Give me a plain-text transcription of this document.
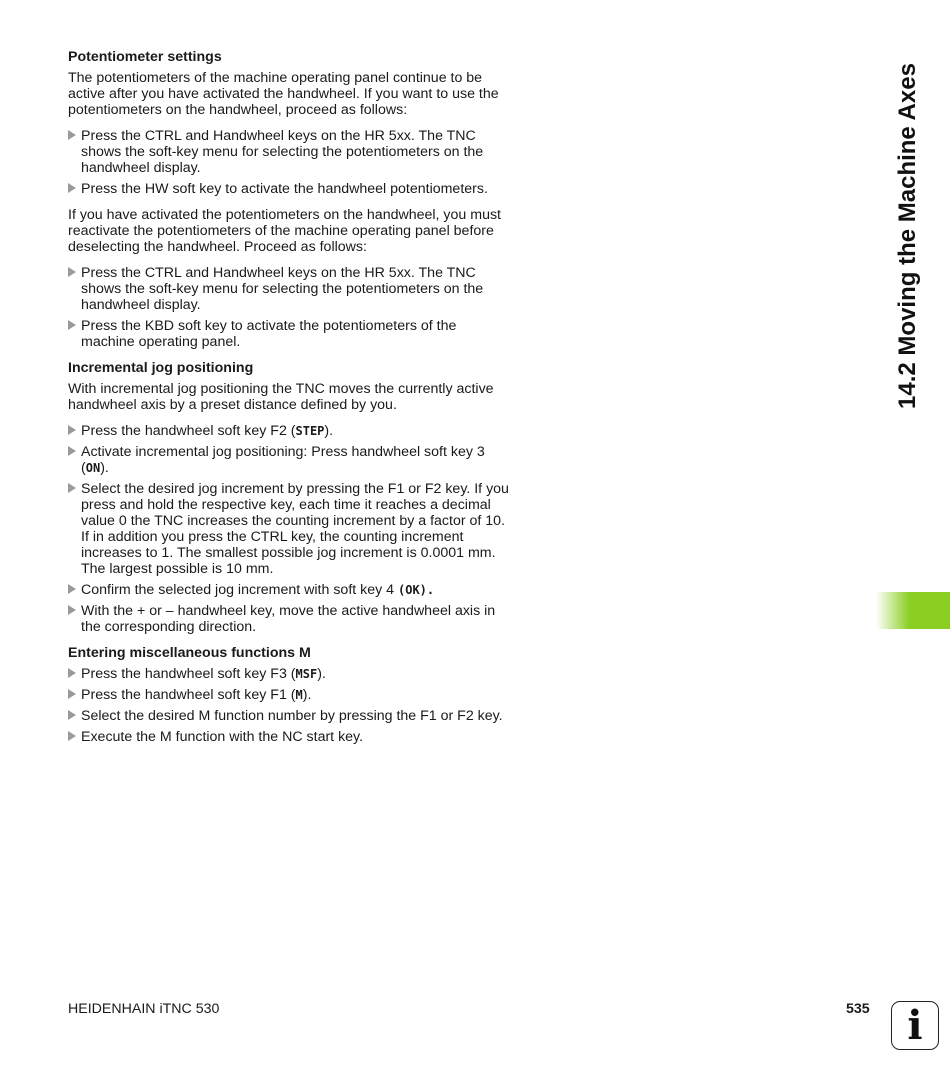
14.2 Moving the Machine Axes
Potentiometer settings

The potentiometers of the machine operating panel continue to be active after you have activated the handwheel. If you want to use the potentiometers on the handwheel, proceed as follows:

Press the CTRL and Handwheel keys on the HR 5xx. The TNC shows the soft-key menu for selecting the potentiometers on the handwheel display.
Press the HW soft key to activate the handwheel potentiometers.

If you have activated the potentiometers on the handwheel, you must reactivate the potentiometers of the machine operating panel before deselecting the handwheel. Proceed as follows:

Press the CTRL and Handwheel keys on the HR 5xx. The TNC shows the soft-key menu for selecting the potentiometers on the handwheel display.
Press the KBD soft key to activate the potentiometers of the machine operating panel.
Incremental jog positioning

With incremental jog positioning the TNC moves the currently active handwheel axis by a preset distance defined by you.

Press the handwheel soft key F2 (STEP).
Activate incremental jog positioning: Press handwheel soft key 3 (ON).
Select the desired jog increment by pressing the F1 or F2 key. If you press and hold the respective key, each time it reaches a decimal value 0 the TNC increases the counting increment by a factor of 10. If in addition you press the CTRL key, the counting increment increases to 1. The smallest possible jog increment is 0.0001 mm. The largest possible is 10 mm.
Confirm the selected jog increment with soft key 4 (OK).
With the + or – handwheel key, move the active handwheel axis in the corresponding direction.
Entering miscellaneous functions M
Press the handwheel soft key F3 (MSF).
Press the handwheel soft key F1 (M).
Select the desired M function number by pressing the F1 or F2 key.
Execute the M function with the NC start key.
HEIDENHAIN iTNC 530	535 i
